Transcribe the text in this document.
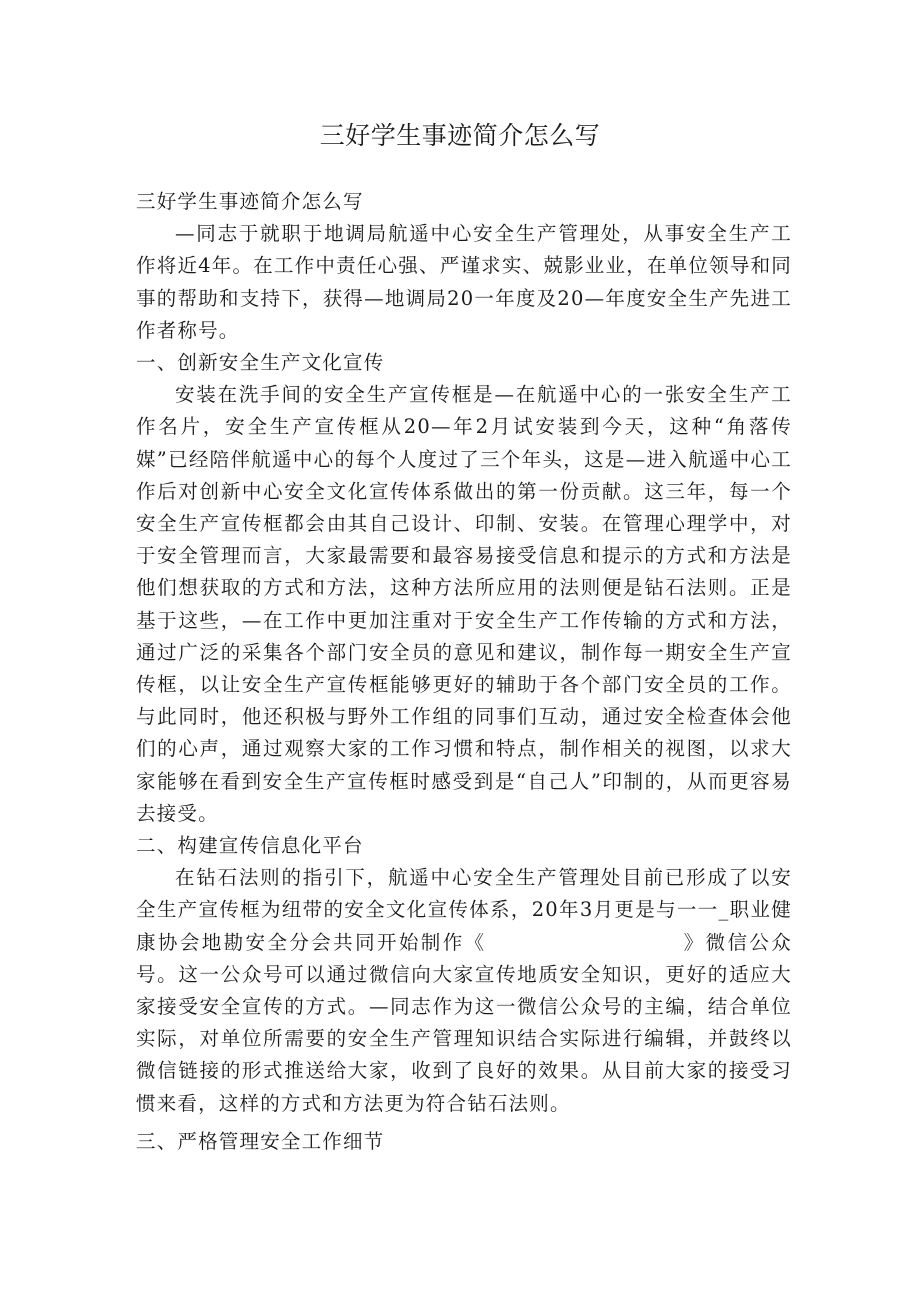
三好学生事迹简介怎么写

三好学生事迹简介怎么写

—同志于就职于地调局航遥中心安全生产管理处，从事安全生产工作将近4年。在工作中责任心强、严谨求实、兢影业业，在单位领导和同事的帮助和支持下，获得—地调局20一年度及20—年度安全生产先进工作者称号。

一、创新安全生产文化宣传

安装在洗手间的安全生产宣传框是—在航遥中心的一张安全生产工作名片，安全生产宣传框从20—年2月试安装到今天，这种“角落传媒”已经陪伴航遥中心的每个人度过了三个年头，这是—进入航遥中心工作后对创新中心安全文化宣传体系做出的第一份贡献。这三年，每一个安全生产宣传框都会由其自己设计、印制、安装。在管理心理学中，对于安全管理而言，大家最需要和最容易接受信息和提示的方式和方法是他们想获取的方式和方法，这种方法所应用的法则便是钻石法则。正是基于这些，—在工作中更加注重对于安全生产工作传输的方式和方法，通过广泛的采集各个部门安全员的意见和建议，制作每一期安全生产宣传框，以让安全生产宣传框能够更好的辅助于各个部门安全员的工作。与此同时，他还积极与野外工作组的同事们互动，通过安全检查体会他们的心声，通过观察大家的工作习惯和特点，制作相关的视图，以求大家能够在看到安全生产宣传框时感受到是“自己人”印制的，从而更容易去接受。

二、构建宣传信息化平台

在钻石法则的指引下，航遥中心安全生产管理处目前已形成了以安全生产宣传框为纽带的安全文化宣传体系，20年3月更是与一一_职业健康协会地勘安全分会共同开始制作《　　　　　　　　　》微信公众号。这一公众号可以通过微信向大家宣传地质安全知识，更好的适应大家接受安全宣传的方式。—同志作为这一微信公众号的主编，结合单位实际，对单位所需要的安全生产管理知识结合实际进行编辑，并鼓终以微信链接的形式推送给大家，收到了良好的效果。从目前大家的接受习惯来看，这样的方式和方法更为符合钻石法则。

三、严格管理安全工作细节
